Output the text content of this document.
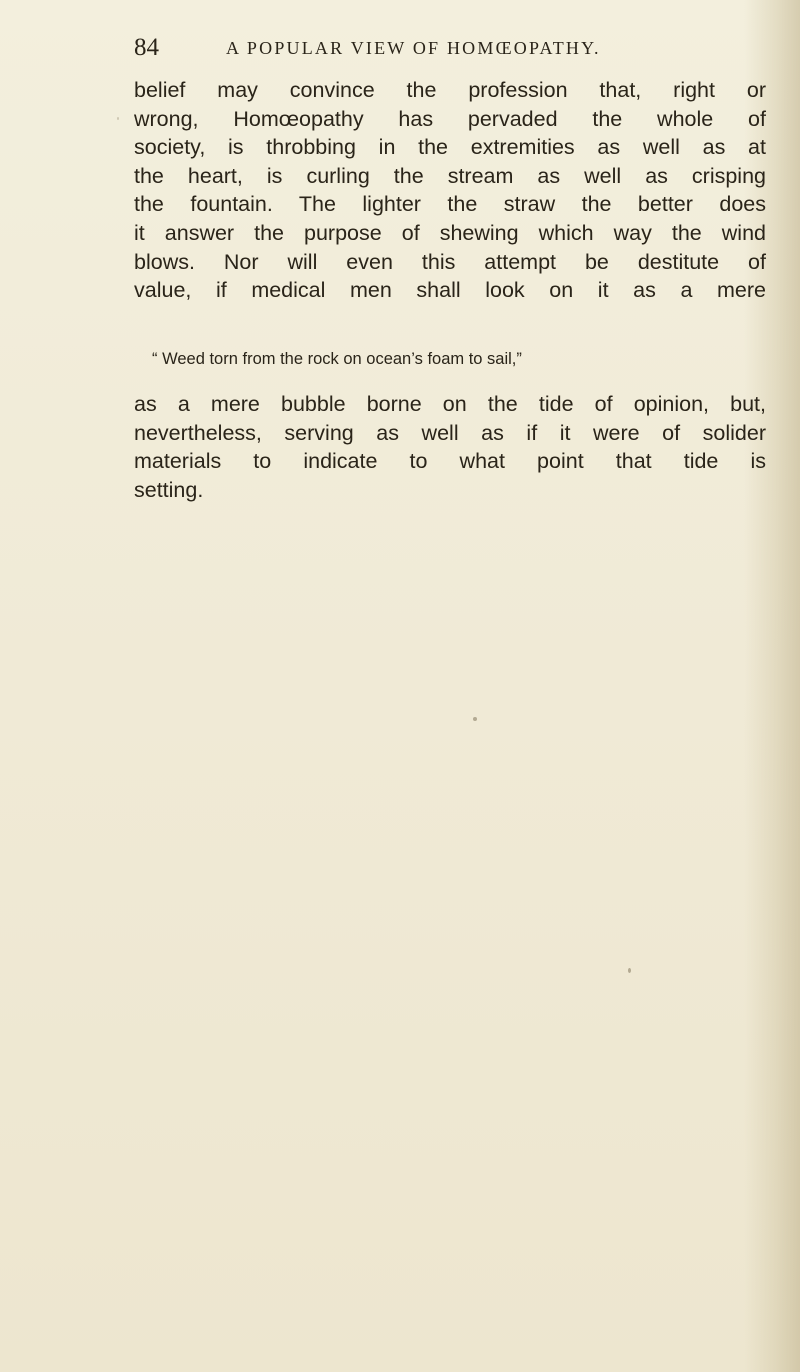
84	A POPULAR VIEW OF HOMŒOPATHY.
belief may convince the profession that, right or
wrong, Homœopathy has pervaded the whole of
society, is throbbing in the extremities as well as at
the heart, is curling the stream as well as crisping
the fountain. The lighter the straw the better does
it answer the purpose of shewing which way the wind
blows. Nor will even this attempt be destitute of
value, if medical men shall look on it as a mere
“ Weed torn from the rock on ocean’s foam to sail,”
as a mere bubble borne on the tide of opinion, but,
nevertheless, serving as well as if it were of solider
materials to indicate to what point that tide is
setting.
